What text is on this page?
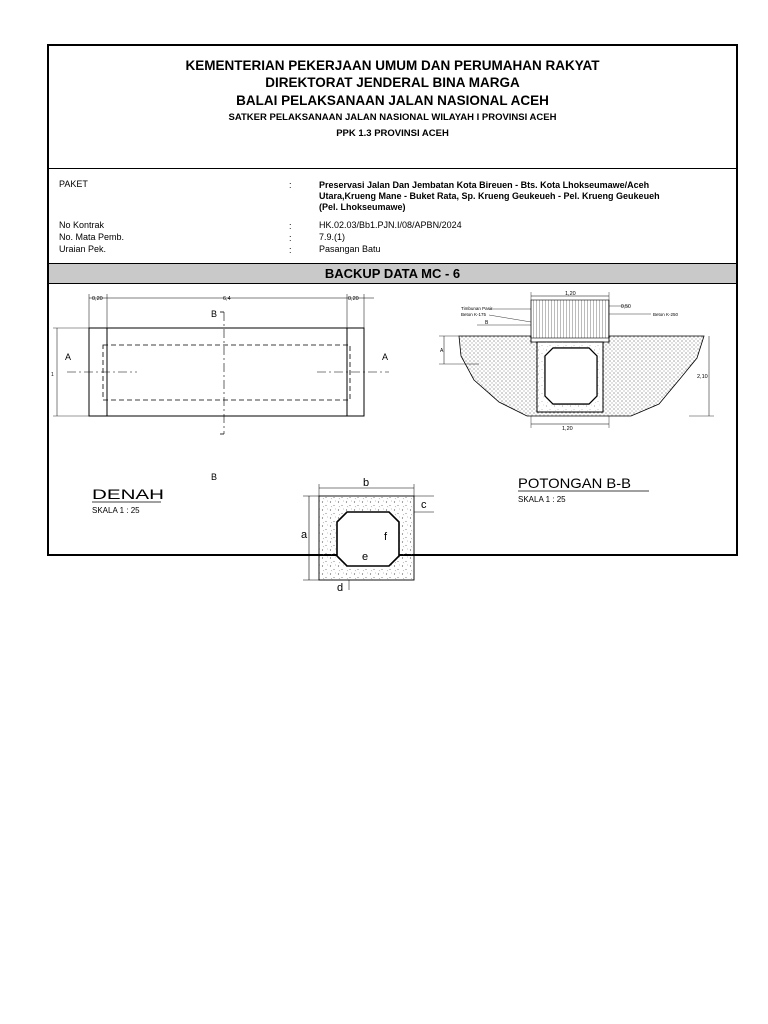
KEMENTERIAN PEKERJAAN UMUM DAN PERUMAHAN RAKYAT
DIREKTORAT JENDERAL BINA MARGA
BALAI PELAKSANAAN JALAN NASIONAL ACEH
SATKER PELAKSANAAN JALAN NASIONAL WILAYAH I PROVINSI ACEH
PPK 1.3 PROVINSI ACEH
PAKET	:	Preservasi Jalan Dan Jembatan Kota Bireuen - Bts. Kota Lhokseumawe/Aceh
Utara,Krueng Mane - Buket Rata, Sp. Krueng Geukeueh - Pel. Krueng Geukeueh
(Pel. Lhokseumawe)
No Kontrak	:	HK.02.03/Bb1.PJN.I/08/APBN/2024
No. Mata Pemb.	:	7.9.(1)
Uraian Pek.	:	Pasangan Batu
BACKUP DATA MC - 6
0,20	6,4	0,20
1
A	A
B
B
DENAH
SKALA 1 : 25
b
a
c
f
e
d
1,20
A
2,10
1,20
Timbunan Pasir
Beton K-175	Beton K-250
0,50
B
POTONGAN B-B
SKALA 1 : 25
